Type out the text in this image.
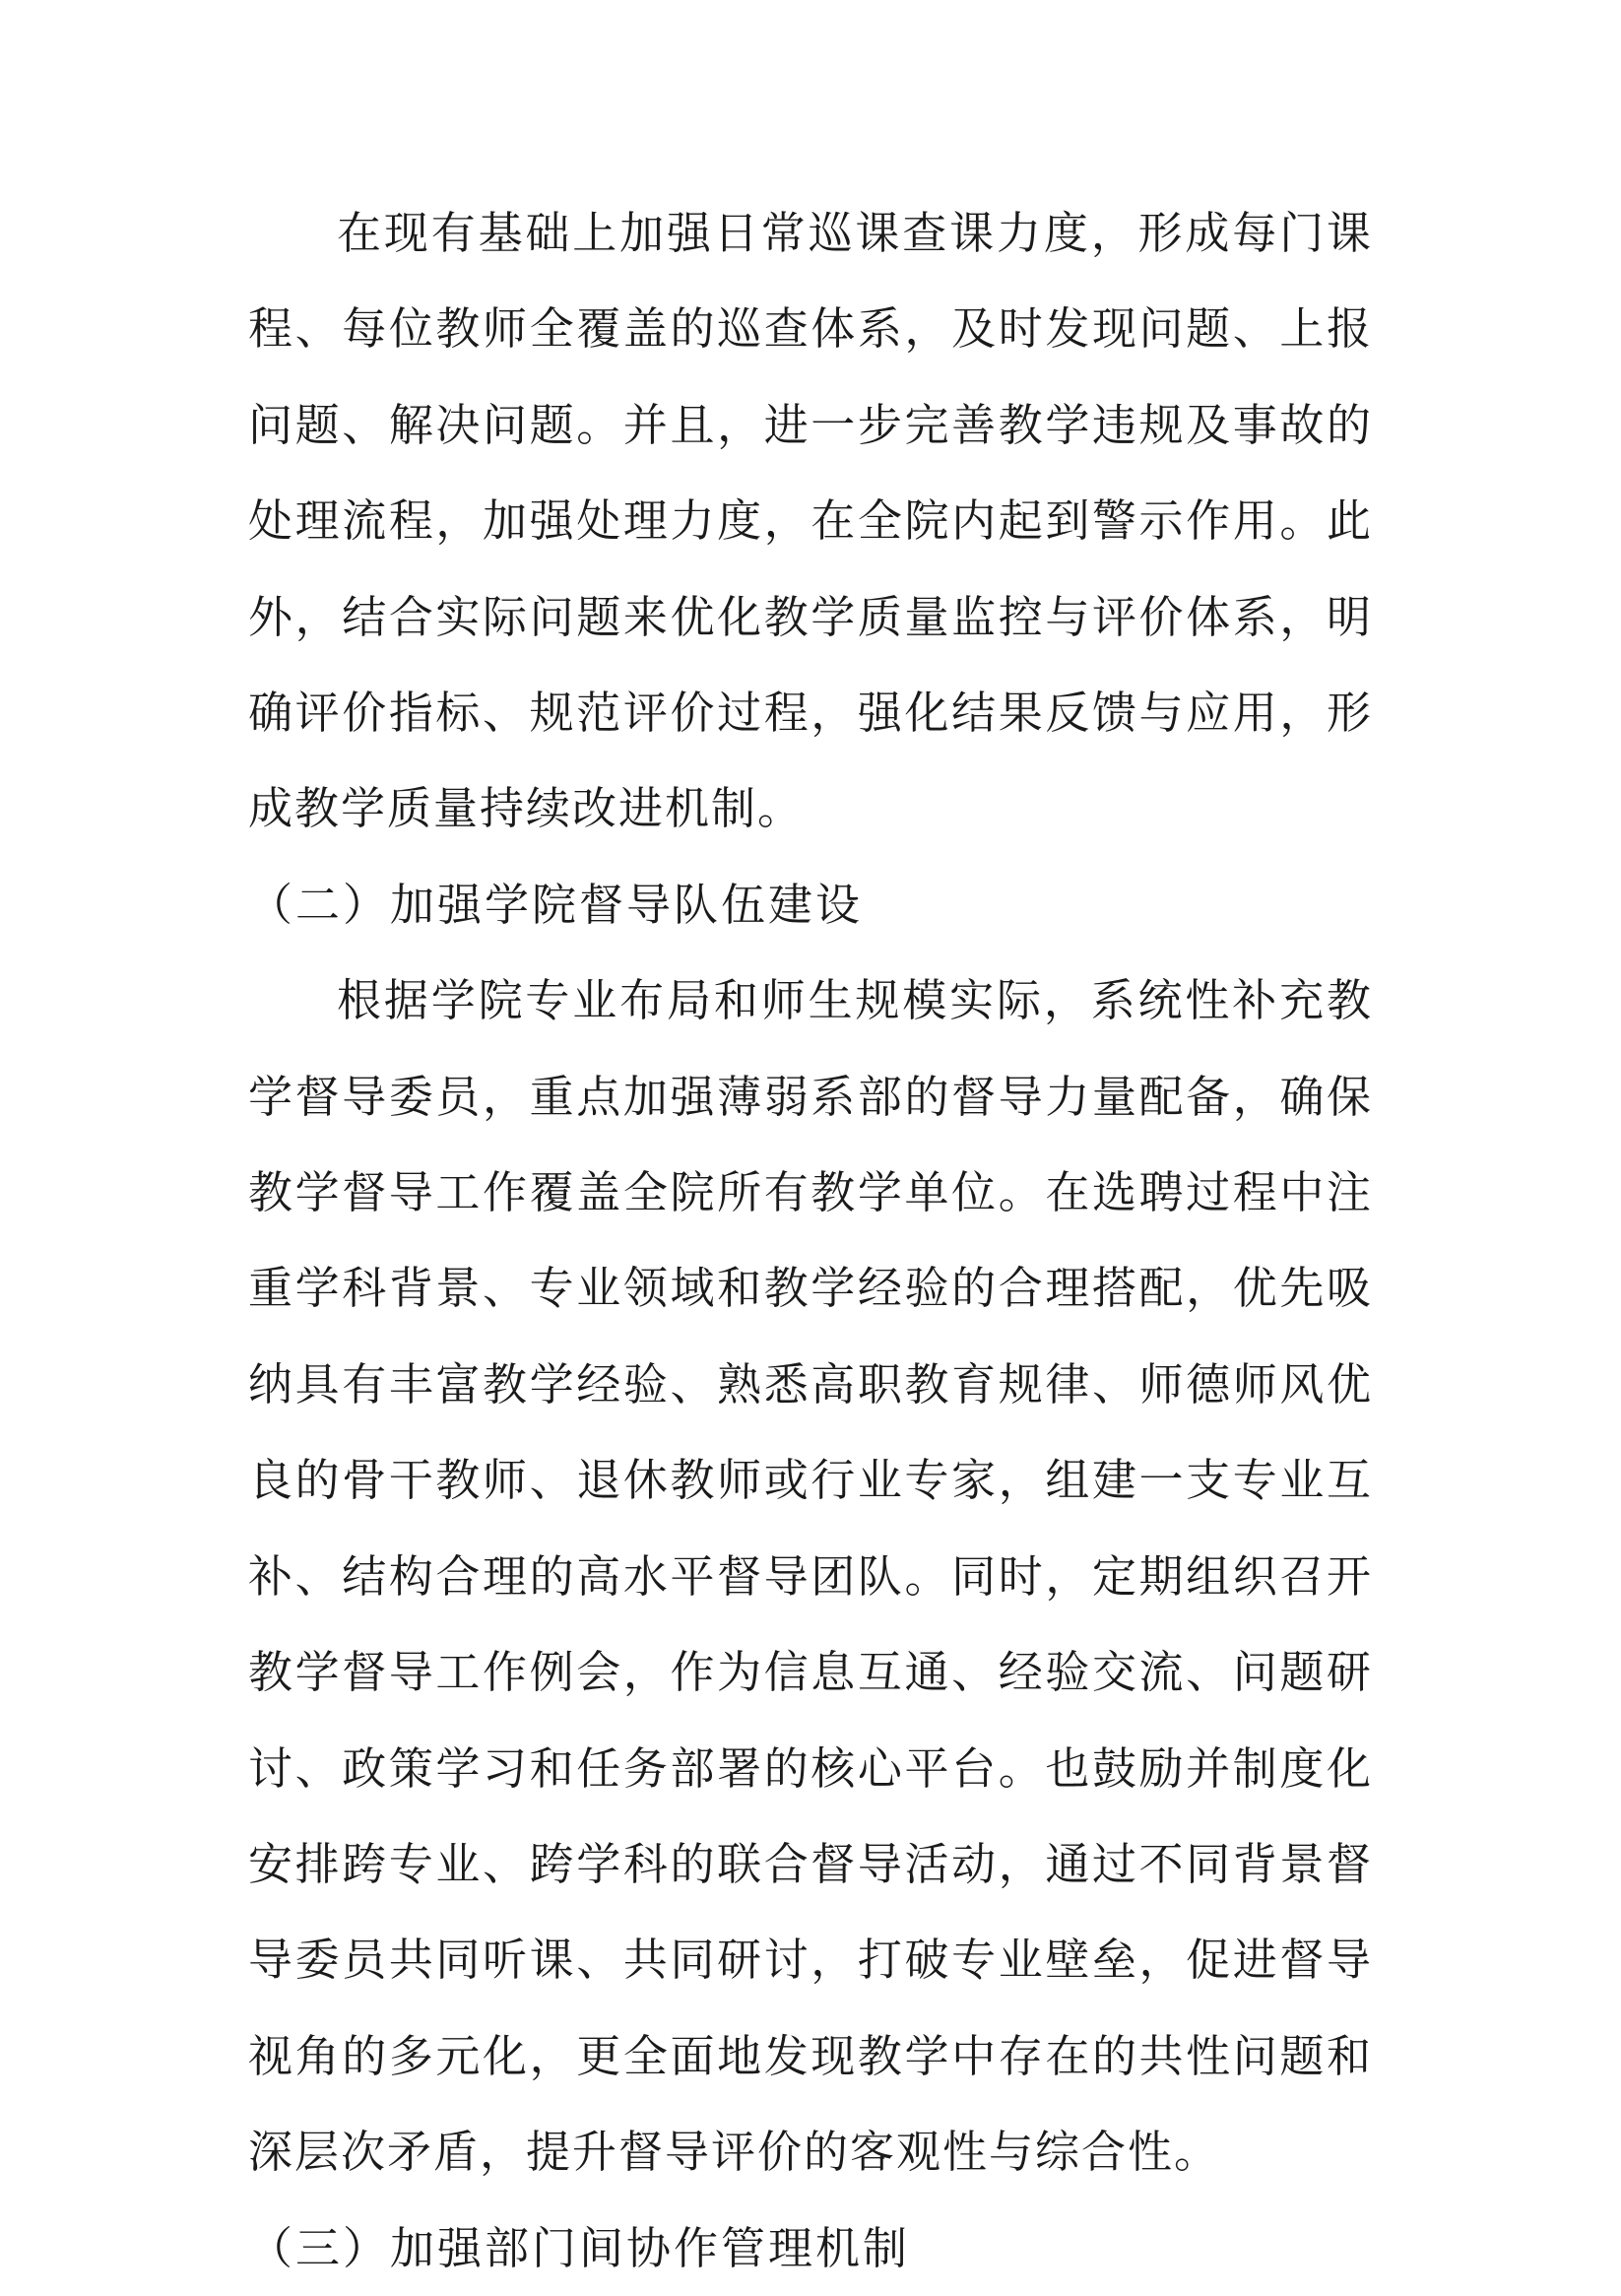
在现有基础上加强日常巡课查课力度，形成每门课程、每位教师全覆盖的巡查体系，及时发现问题、上报问题、解决问题。并且，进一步完善教学违规及事故的处理流程，加强处理力度，在全院内起到警示作用。此外，结合实际问题来优化教学质量监控与评价体系，明确评价指标、规范评价过程，强化结果反馈与应用，形成教学质量持续改进机制。

（二）加强学院督导队伍建设

根据学院专业布局和师生规模实际，系统性补充教学督导委员，重点加强薄弱系部的督导力量配备，确保教学督导工作覆盖全院所有教学单位。在选聘过程中注重学科背景、专业领域和教学经验的合理搭配，优先吸纳具有丰富教学经验、熟悉高职教育规律、师德师风优良的骨干教师、退休教师或行业专家，组建一支专业互补、结构合理的高水平督导团队。同时，定期组织召开教学督导工作例会，作为信息互通、经验交流、问题研讨、政策学习和任务部署的核心平台。也鼓励并制度化安排跨专业、跨学科的联合督导活动，通过不同背景督导委员共同听课、共同研讨，打破专业壁垒，促进督导视角的多元化，更全面地发现教学中存在的共性问题和深层次矛盾，提升督导评价的客观性与综合性。

（三）加强部门间协作管理机制
